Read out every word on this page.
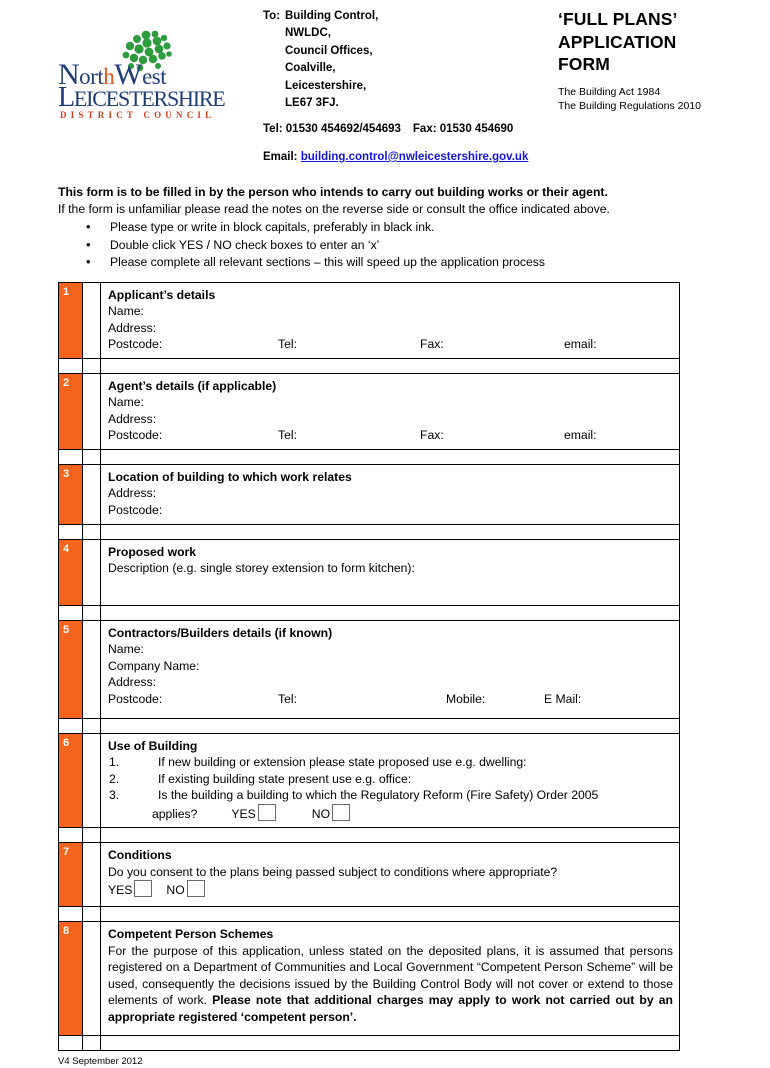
NorthWest
LEICESTERSHIRE
DISTRICT COUNCIL
To: Building Control,
NWLDC,
Council Offices,
Coalville,
Leicestershire,
LE67 3FJ.
Tel: 01530 454692/454693 Fax: 01530 454690
Email: building.control@nwleicestershire.gov.uk
‘FULL PLANS’
APPLICATION
FORM
The Building Act 1984
The Building Regulations 2010
This form is to be filled in by the person who intends to carry out building works or their agent.
If the form is unfamiliar please read the notes on the reverse side or consult the office indicated above.
• Please type or write in block capitals, preferably in black ink.
• Double click YES / NO check boxes to enter an ‘x’
• Please complete all relevant sections – this will speed up the application process
1		Applicant’s details
Name:
Address:
Postcode: Tel: Fax: email:

2		Agent’s details (if applicable)
Name:
Address:
Postcode: Tel: Fax: email:

3		Location of building to which work relates
Address:
Postcode:

4		Proposed work
Description (e.g. single storey extension to form kitchen):

5		Contractors/Builders details (if known)
Name:
Company Name:
Address:
Postcode: Tel: Mobile: E Mail:

6		Use of Building
1.	If new building or extension please state proposed use e.g. dwelling:
2.	If existing building state present use e.g. office:
3.	Is the building a building to which the Regulatory Reform (Fire Safety) Order 2005
applies?	YES	NO

7		Conditions
Do you consent to the plans being passed subject to conditions where appropriate?
YES NO

8		Competent Person Schemes
For the purpose of this application, unless stated on the deposited plans, it is assumed that persons registered on a Department of Communities and Local Government “Competent Person Scheme” will be used, consequently the decisions issued by the Building Control Body will not cover or extend to those elements of work. Please note that additional charges may apply to work not carried out by an appropriate registered ‘competent person’.

V4 September 2012
